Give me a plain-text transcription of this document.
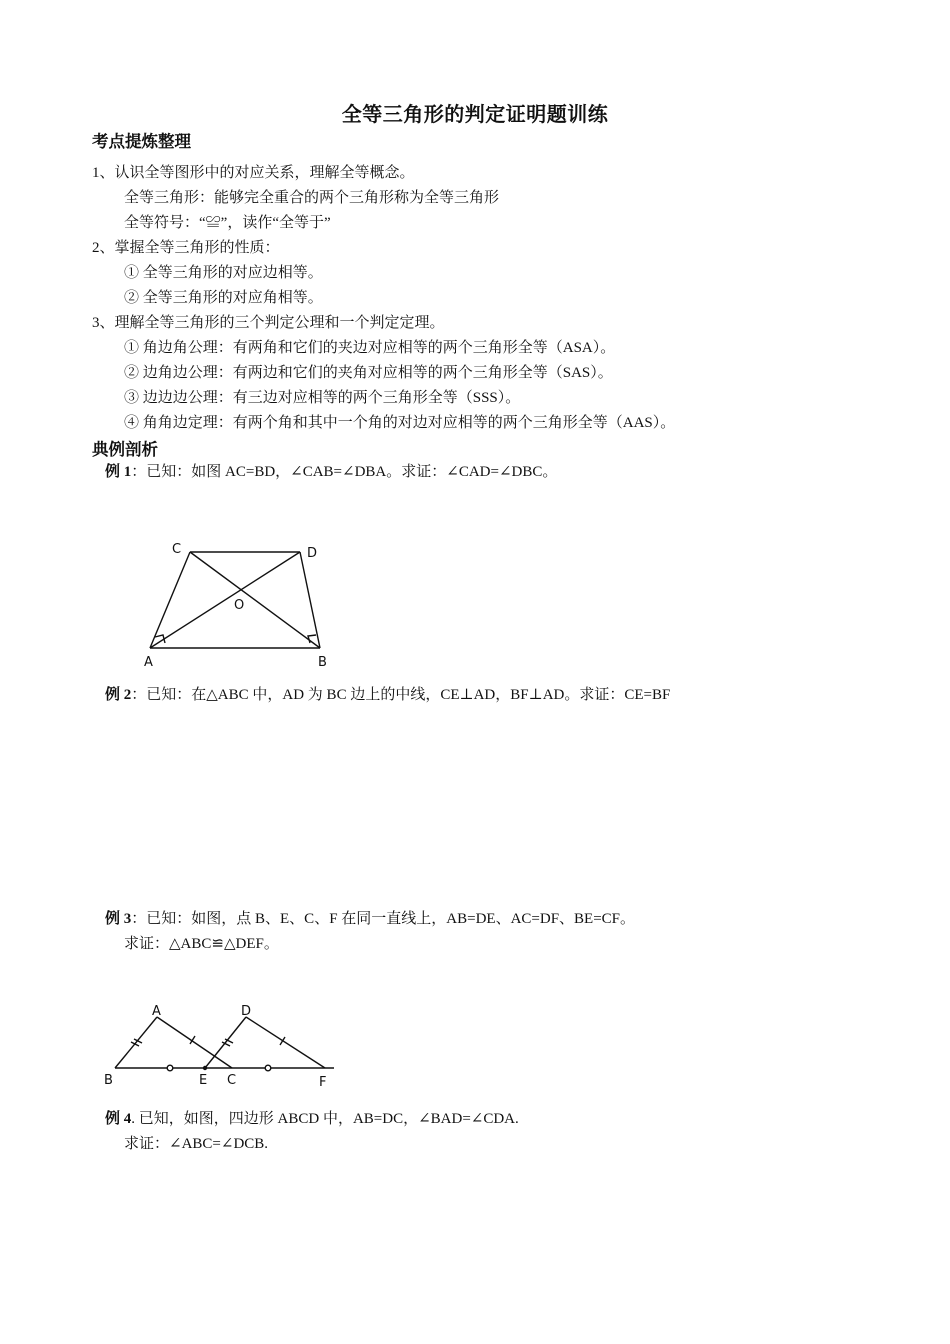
全等三角形的判定证明题训练
考点提炼整理
1、认识全等图形中的对应关系，理解全等概念。
全等三角形：能够完全重合的两个三角形称为全等三角形
全等符号：“≌”，读作“全等于”
2、掌握全等三角形的性质：
① 全等三角形的对应边相等。
② 全等三角形的对应角相等。
3、理解全等三角形的三个判定公理和一个判定定理。
① 角边角公理：有两角和它们的夹边对应相等的两个三角形全等（ASA）。
② 边角边公理：有两边和它们的夹角对应相等的两个三角形全等（SAS）。
③ 边边边公理：有三边对应相等的两个三角形全等（SSS）。
④ 角角边定理：有两个角和其中一个角的对边对应相等的两个三角形全等（AAS）。
典例剖析
例 1：已知：如图 AC=BD，∠CAB=∠DBA。求证：∠CAD=∠DBC。
C	D
O
A	B
例 2：已知：在△ABC 中，AD 为 BC 边上的中线，CE⊥AD，BF⊥AD。求证：CE=BF
例 3：已知：如图，点 B、E、C、F 在同一直线上，AB=DE、AC=DF、BE=CF。
求证：△ABC≌△DEF。
A	D
B	E C	F
例 4. 已知，如图，四边形 ABCD 中，AB=DC，∠BAD=∠CDA.
求证：∠ABC=∠DCB.
